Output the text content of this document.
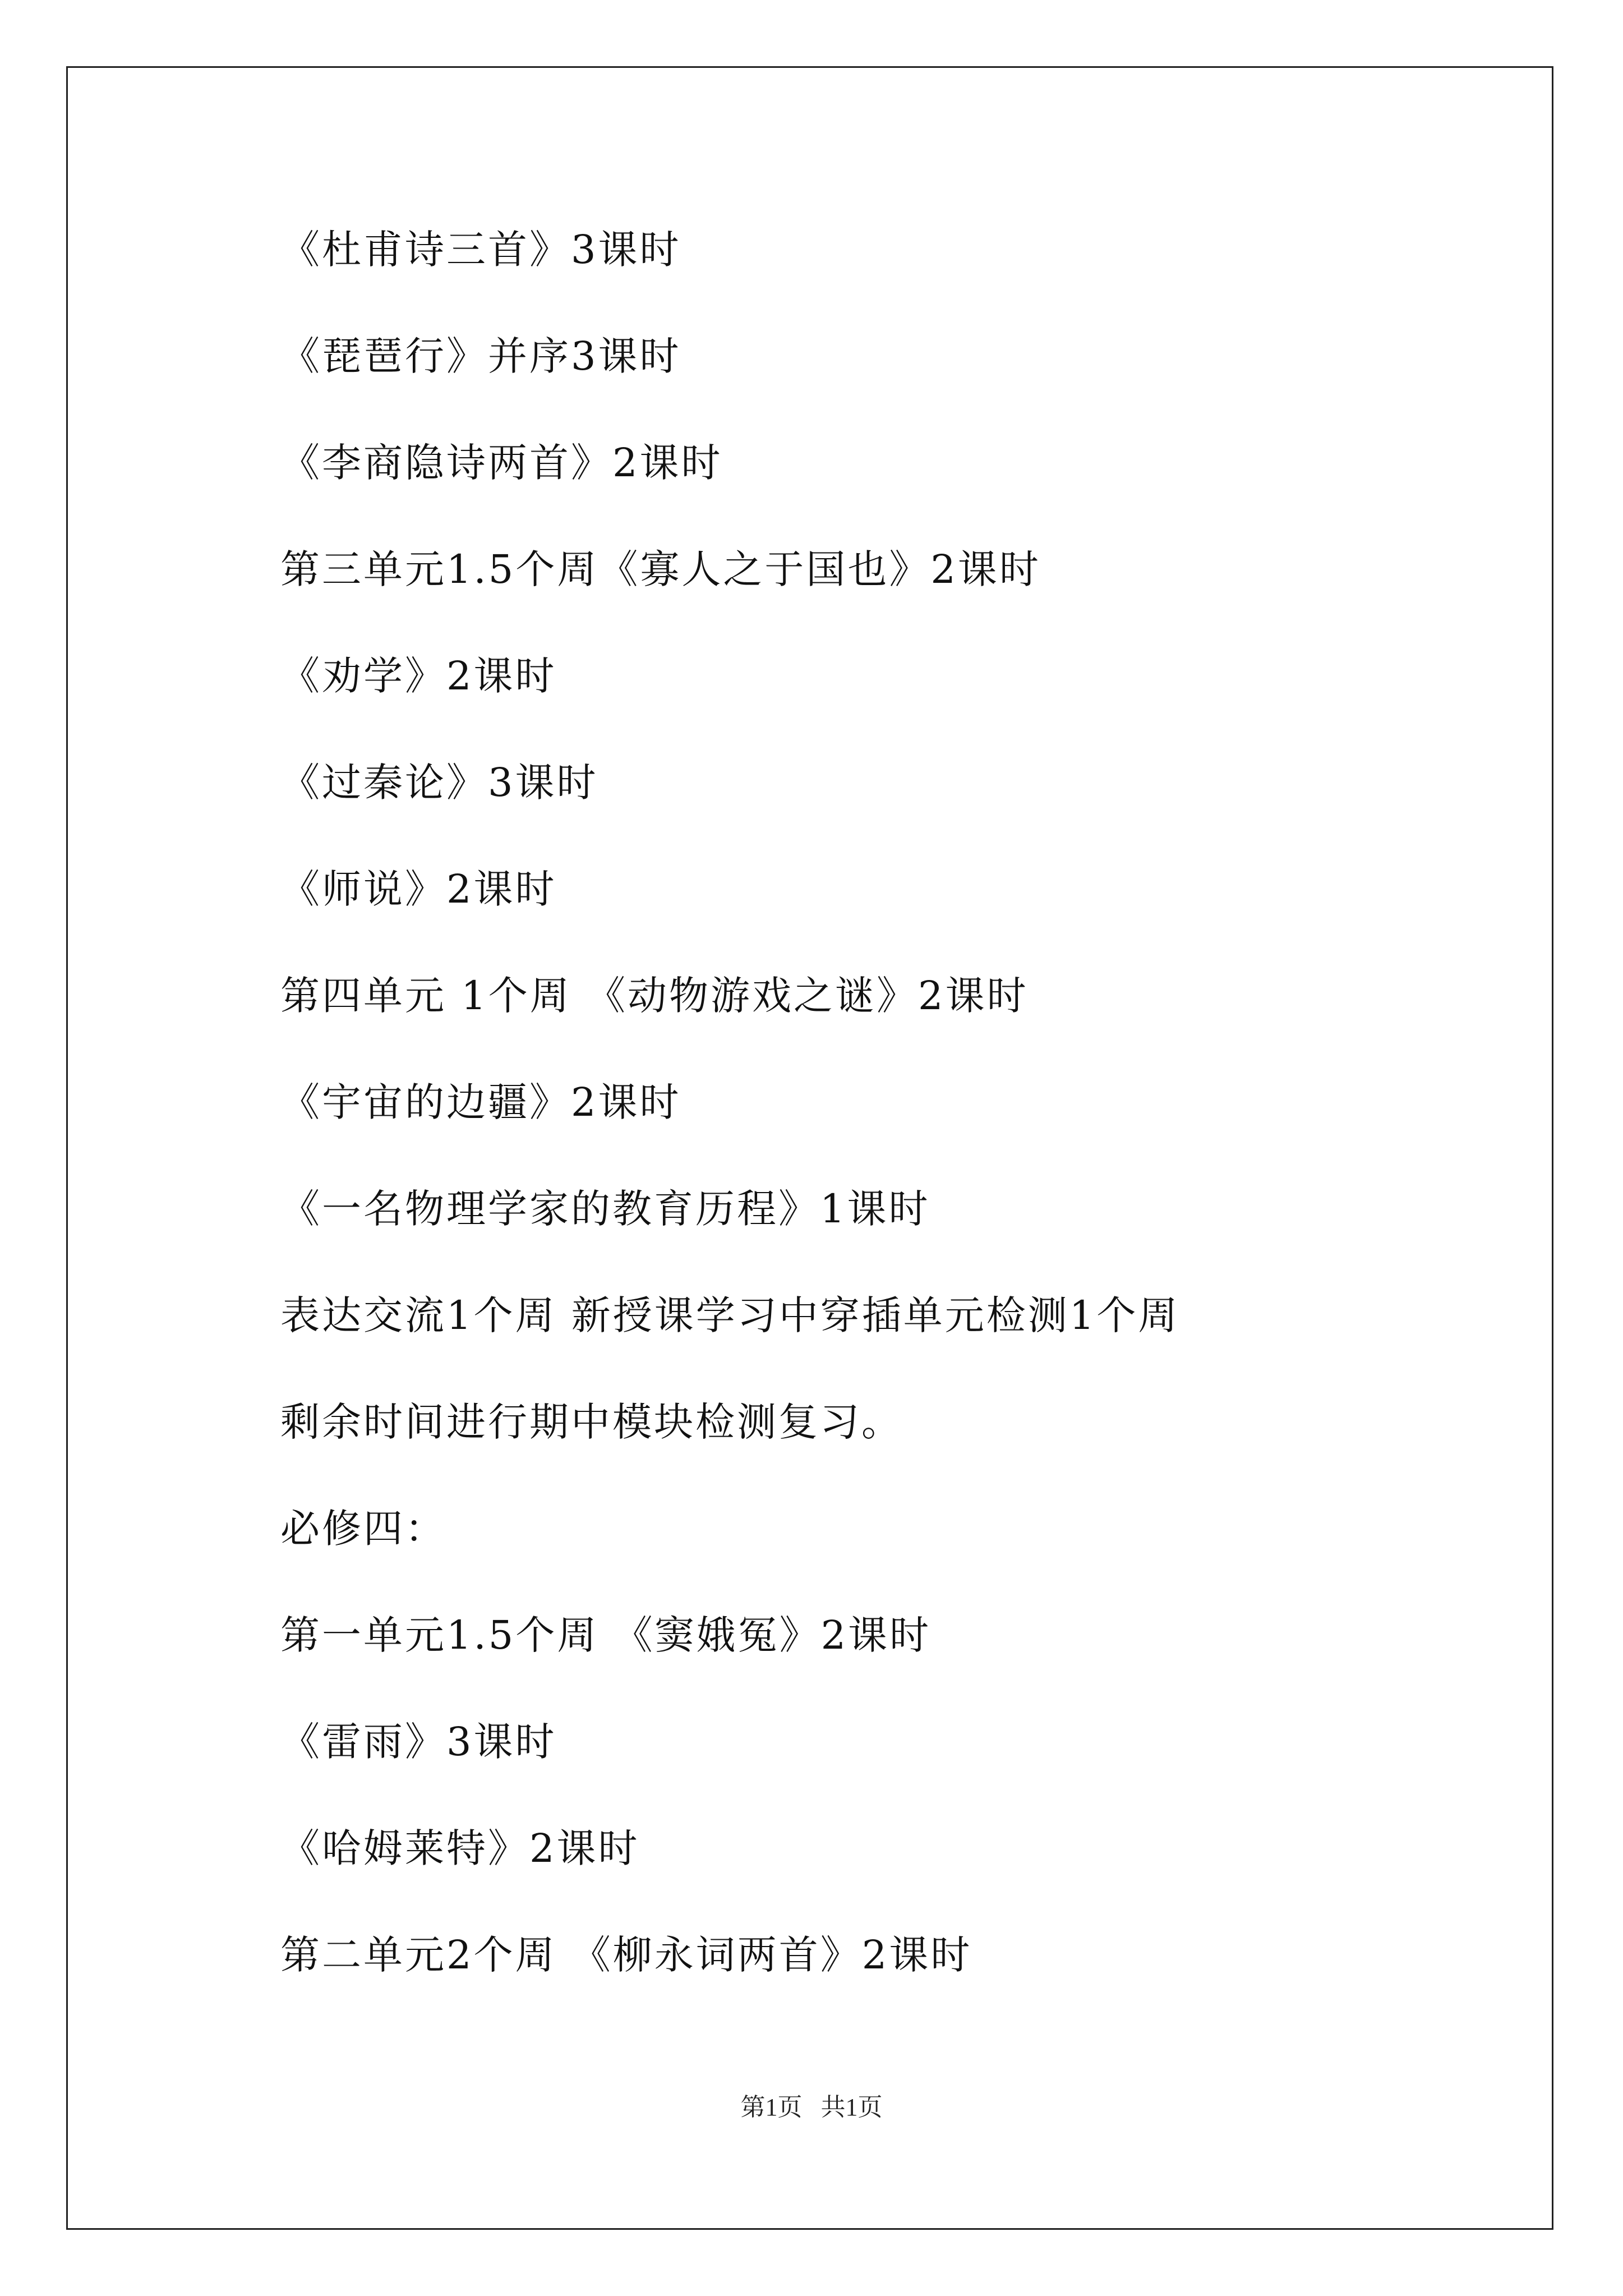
《杜甫诗三首》3课时
《琵琶行》并序3课时
《李商隐诗两首》2课时
第三单元1.5个周《寡人之于国也》2课时
《劝学》2课时
《过秦论》3课时
《师说》2课时
第四单元 1个周 《动物游戏之谜》2课时
《宇宙的边疆》2课时
《一名物理学家的教育历程》1课时
表达交流1个周 新授课学习中穿插单元检测1个周
剩余时间进行期中模块检测复习。
必修四：
第一单元1.5个周 《窦娥冤》2课时
《雷雨》3课时
《哈姆莱特》2课时
第二单元2个周 《柳永词两首》2课时
第1页   共1页
